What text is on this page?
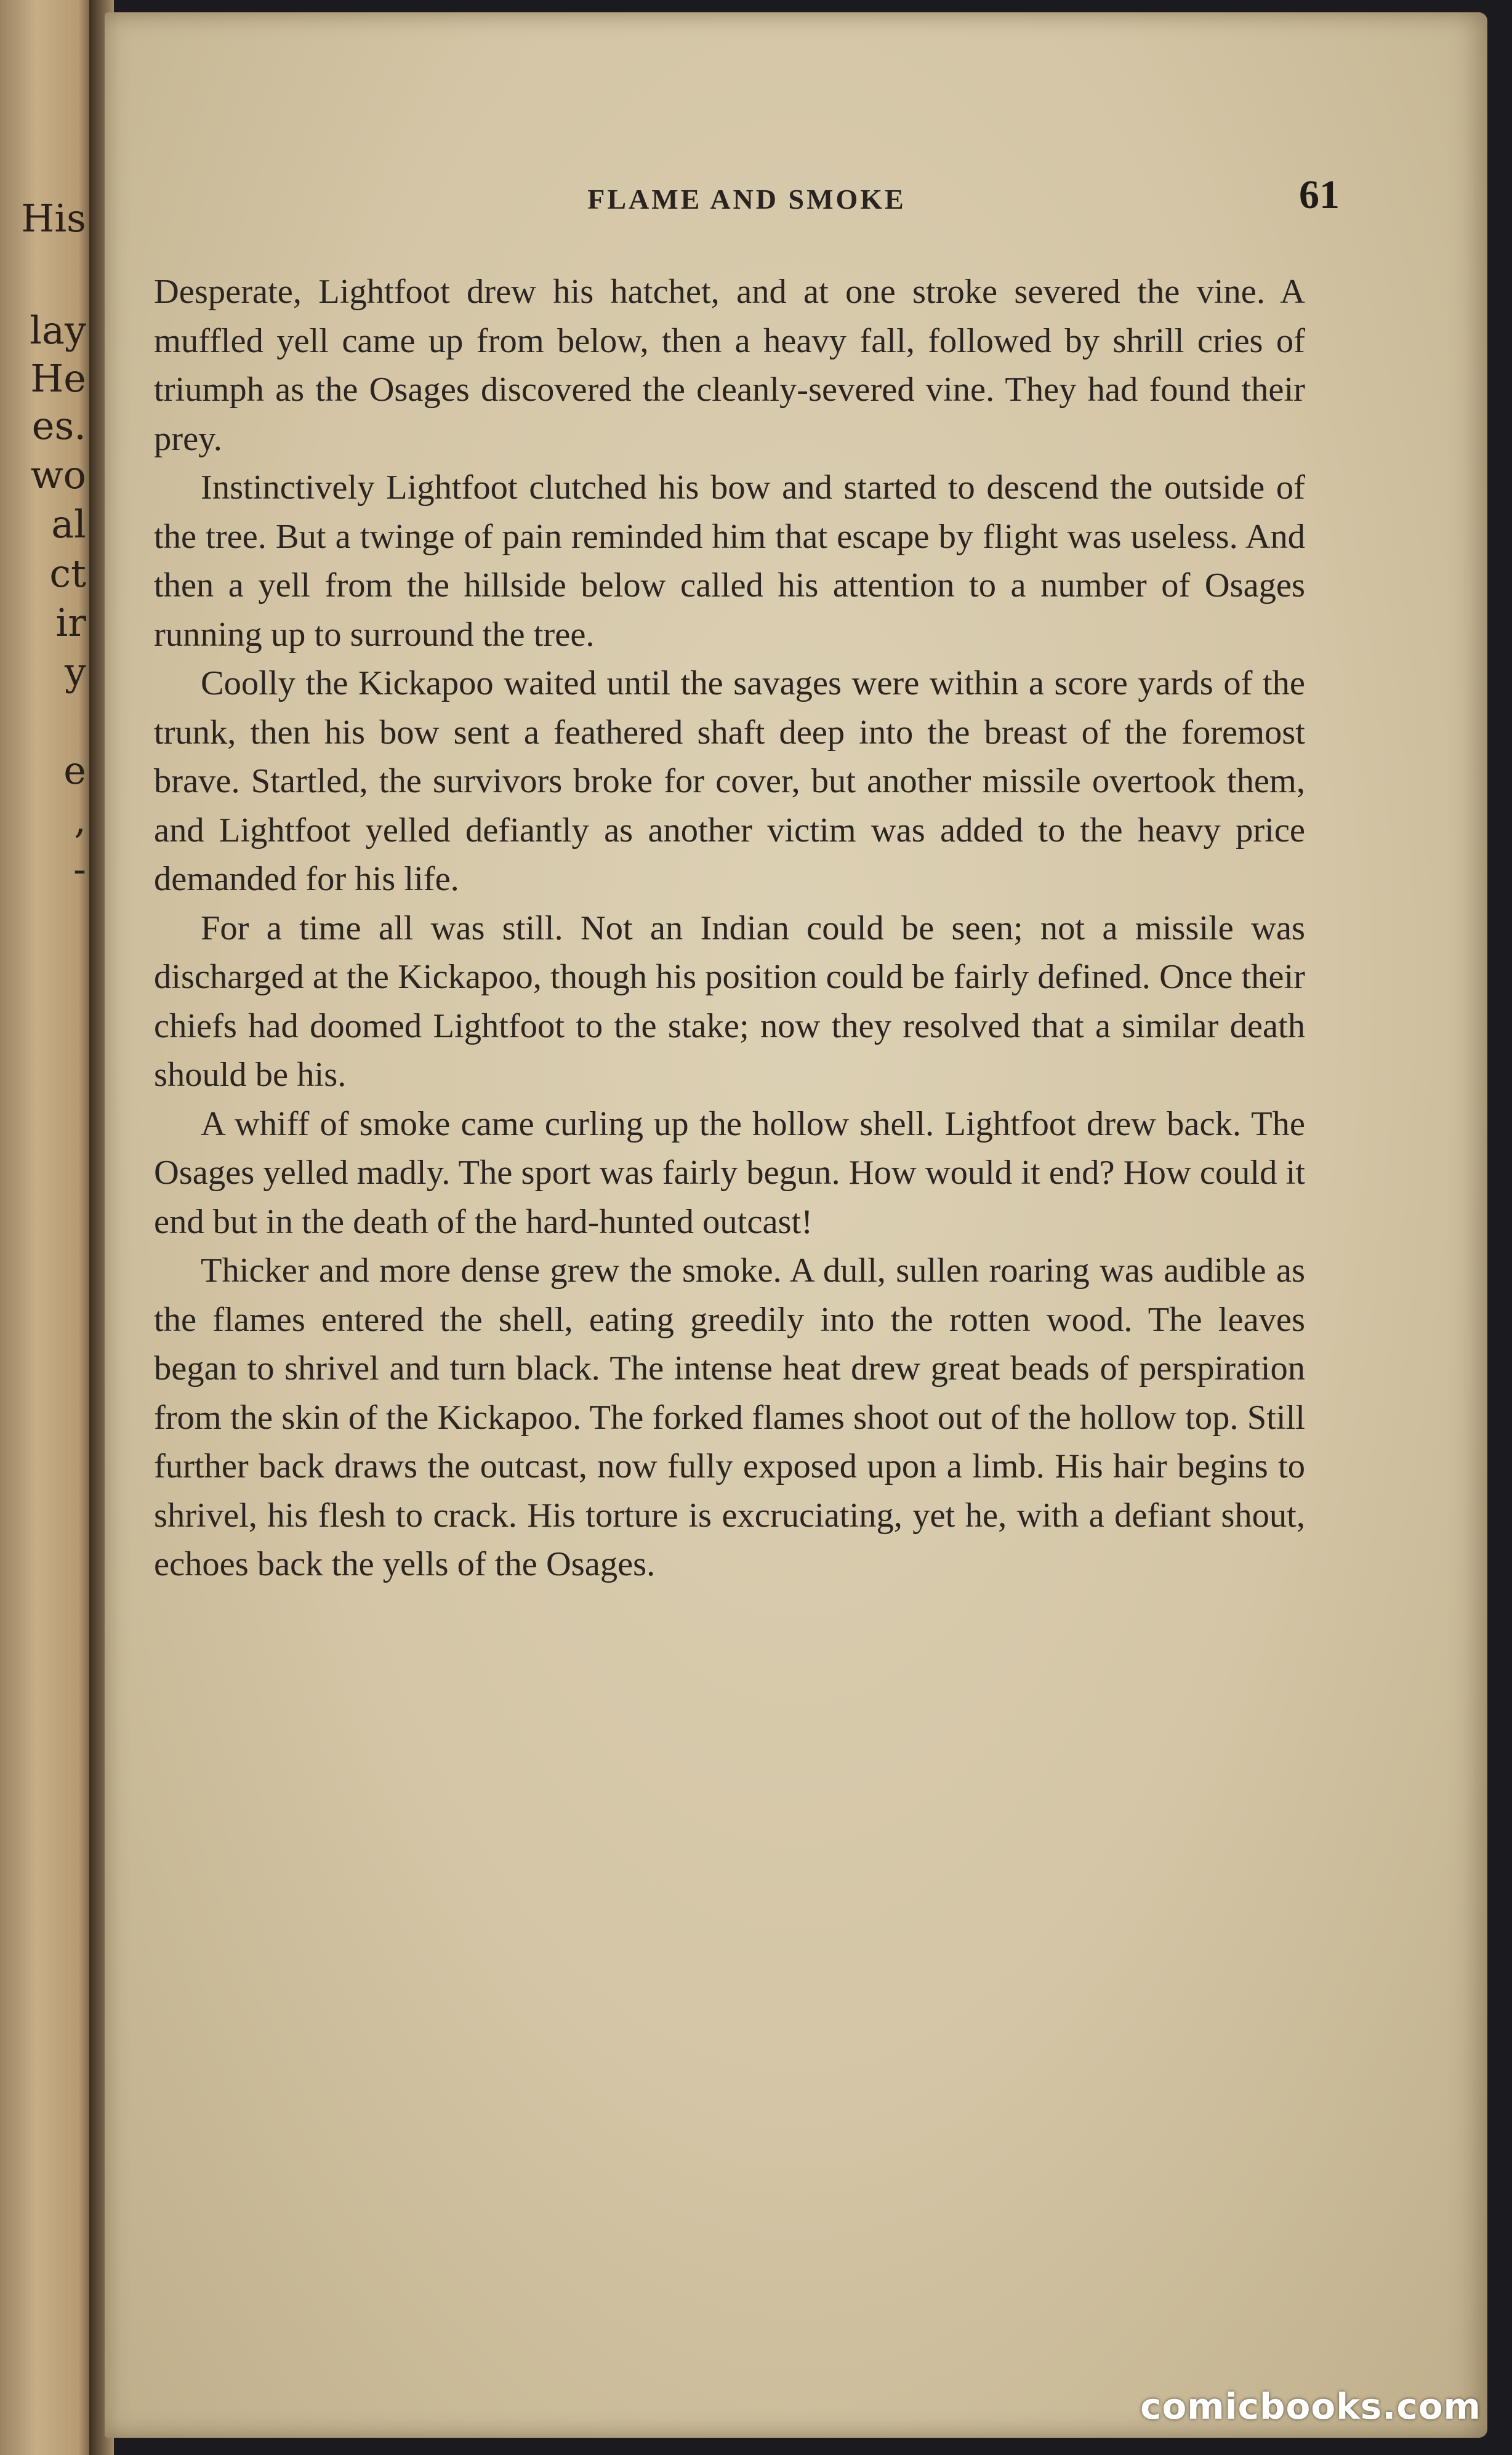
His
lay
He
es.
wo
al
ct
ir
y
e
,
-
FLAME AND SMOKE	61

Desperate, Lightfoot drew his hatchet, and at one stroke severed the vine. A muffled yell came up from below, then a heavy fall, followed by shrill cries of triumph as the Osages discovered the cleanly-severed vine. They had found their prey.

Instinctively Lightfoot clutched his bow and started to descend the outside of the tree. But a twinge of pain reminded him that escape by flight was useless. And then a yell from the hillside below called his attention to a number of Osages running up to surround the tree.

Coolly the Kickapoo waited until the savages were within a score yards of the trunk, then his bow sent a feathered shaft deep into the breast of the foremost brave. Startled, the survivors broke for cover, but another missile overtook them, and Lightfoot yelled defiantly as another victim was added to the heavy price demanded for his life.

For a time all was still. Not an Indian could be seen; not a missile was discharged at the Kickapoo, though his position could be fairly defined. Once their chiefs had doomed Lightfoot to the stake; now they resolved that a similar death should be his.

A whiff of smoke came curling up the hollow shell. Lightfoot drew back. The Osages yelled madly. The sport was fairly begun. How would it end? How could it end but in the death of the hard-hunted outcast!

Thicker and more dense grew the smoke. A dull, sullen roaring was audible as the flames entered the shell, eating greedily into the rotten wood. The leaves began to shrivel and turn black. The intense heat drew great beads of perspiration from the skin of the Kickapoo. The forked flames shoot out of the hollow top. Still further back draws the outcast, now fully exposed upon a limb. His hair begins to shrivel, his flesh to crack. His torture is excruciating, yet he, with a defiant shout, echoes back the yells of the Osages.

comicbooks.com
